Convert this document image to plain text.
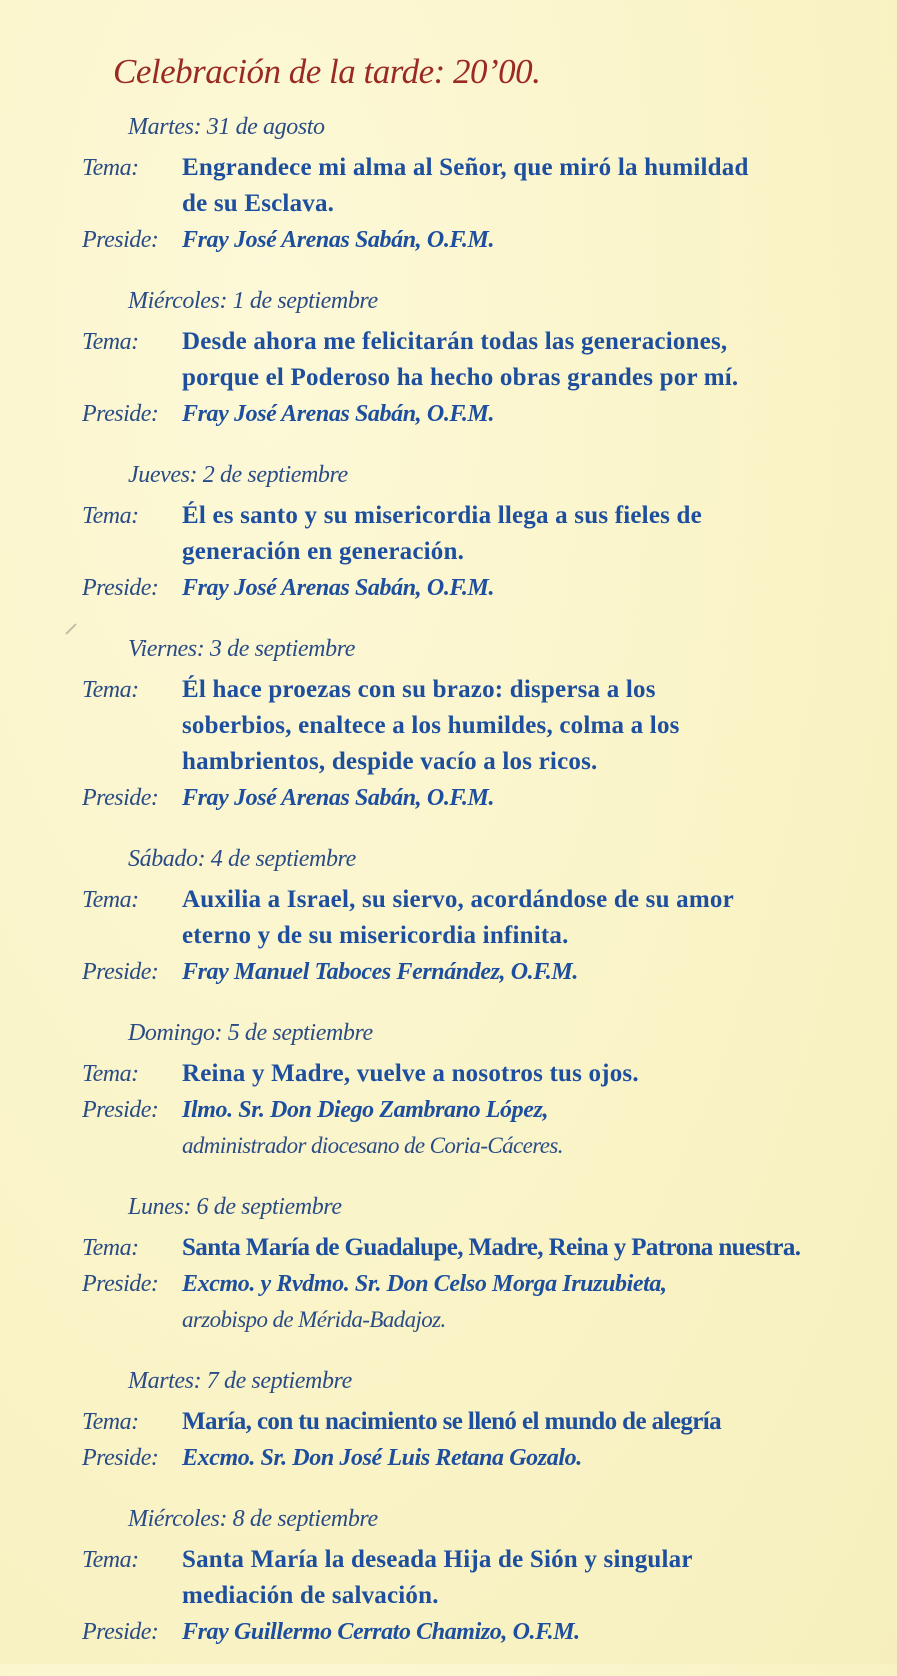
Celebración de la tarde: 20’00.
Martes: 31 de agosto
Tema:	Engrandece mi alma al Señor, que miró la humildad
de su Esclava.
Preside: Fray José Arenas Sabán, O.F.M.
Miércoles: 1 de septiembre
Tema:	Desde ahora me felicitarán todas las generaciones,
porque el Poderoso ha hecho obras grandes por mí.
Preside: Fray José Arenas Sabán, O.F.M.
Jueves: 2 de septiembre
Tema:	Él es santo y su misericordia llega a sus fieles de
generación en generación.
Preside: Fray José Arenas Sabán, O.F.M.
Viernes: 3 de septiembre
Tema:	Él hace proezas con su brazo: dispersa a los
soberbios, enaltece a los humildes, colma a los
hambrientos, despide vacío a los ricos.
Preside: Fray José Arenas Sabán, O.F.M.
Sábado: 4 de septiembre
Tema:	Auxilia a Israel, su siervo, acordándose de su amor
eterno y de su misericordia infinita.
Preside: Fray Manuel Taboces Fernández, O.F.M.
Domingo: 5 de septiembre
Tema:	Reina y Madre, vuelve a nosotros tus ojos.
Preside: Ilmo. Sr. Don Diego Zambrano López,
administrador diocesano de Coria-Cáceres.
Lunes: 6 de septiembre
Tema:	Santa María de Guadalupe, Madre, Reina y Patrona nuestra.
Preside: Excmo. y Rvdmo. Sr. Don Celso Morga Iruzubieta,
arzobispo de Mérida-Badajoz.
Martes: 7 de septiembre
Tema:	María, con tu nacimiento se llenó el mundo de alegría
Preside: Excmo. Sr. Don José Luis Retana Gozalo.
Miércoles: 8 de septiembre
Tema:	Santa María la deseada Hija de Sión y singular
mediación de salvación.
Preside: Fray Guillermo Cerrato Chamizo, O.F.M.
